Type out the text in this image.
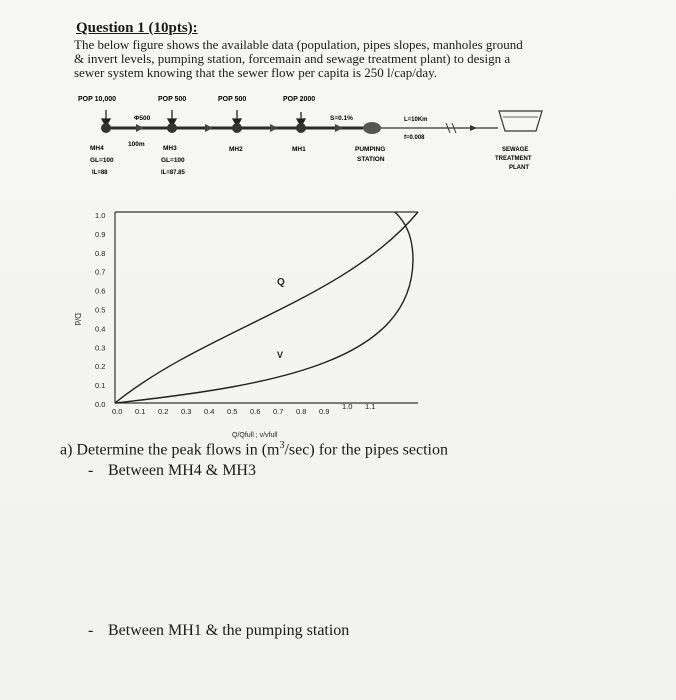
Question 1 (10pts):
The below figure shows the available data (population, pipes slopes, manholes ground
& invert levels, pumping station, forcemain and sewage treatment plant) to design a
sewer system knowing that the sewer flow per capita is 250 l/cap/day.
POP 10,000	POP 500	POP 500	POP 2000
Φ500
100m
S=0.1%	L=10Km
f=0.008
MH4
GL=100
IL=88
MH3
GL=100
IL=87.85
MH2	MH1	PUMPING
STATION
SEWAGE
TREATMENT
PLANT
Q
V
D/d
Q/Qfull ; v/vfull
0.0
0.1
0.2
0.3
0.4
0.5
0.6
0.7
0.8
0.9
1.0
0.0 0.1 0.2 0.3 0.4 0.5 0.6 0.7 0.8 0.9
1.0 1.1
a) Determine the peak flows in $(m^3/\sec)$ for the pipes section
- Between MH4 & MH3
- Between MH1 & the pumping station
